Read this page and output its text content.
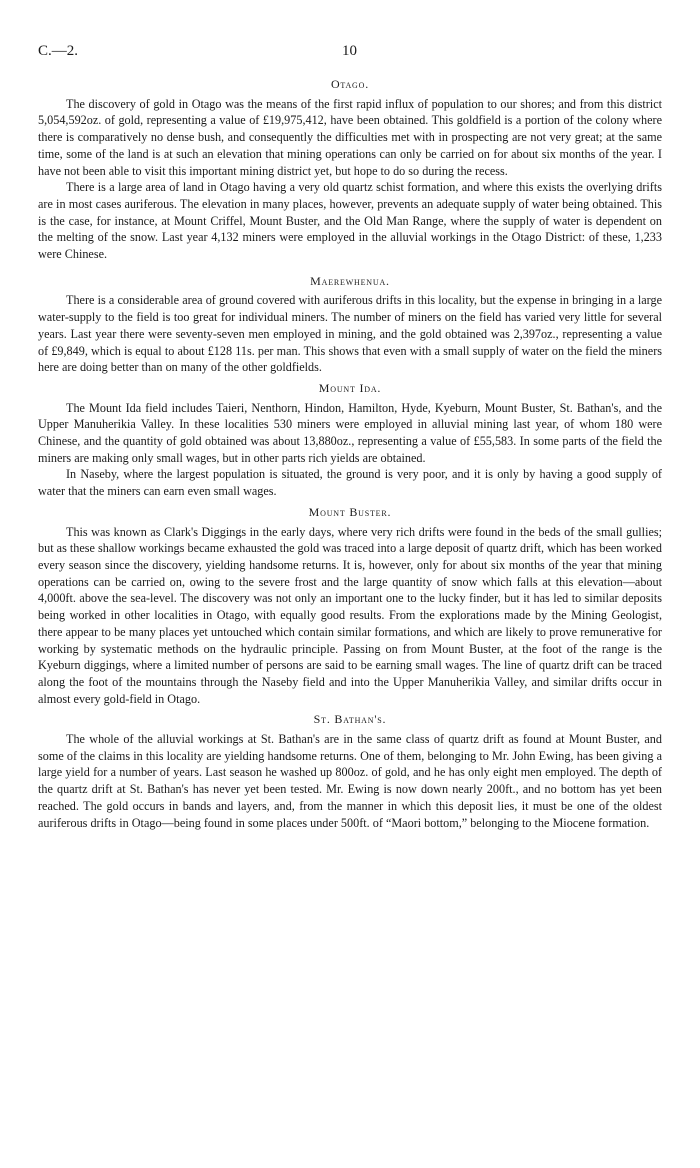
C.—2.	10
Otago.

The discovery of gold in Otago was the means of the first rapid influx of population to our shores; and from this district 5,054,592oz. of gold, representing a value of £19,975,412, have been obtained. This goldfield is a portion of the colony where there is comparatively no dense bush, and consequently the difficulties met with in prospecting are not very great; at the same time, some of the land is at such an elevation that mining operations can only be carried on for about six months of the year. I have not been able to visit this important mining district yet, but hope to do so during the recess.

There is a large area of land in Otago having a very old quartz schist formation, and where this exists the overlying drifts are in most cases auriferous. The elevation in many places, however, prevents an adequate supply of water being obtained. This is the case, for instance, at Mount Criffel, Mount Buster, and the Old Man Range, where the supply of water is dependent on the melting of the snow. Last year 4,132 miners were employed in the alluvial workings in the Otago District: of these, 1,233 were Chinese.

Maerewhenua.

There is a considerable area of ground covered with auriferous drifts in this locality, but the expense in bringing in a large water-supply to the field is too great for individual miners. The number of miners on the field has varied very little for several years. Last year there were seventy-seven men employed in mining, and the gold obtained was 2,397oz., representing a value of £9,849, which is equal to about £128 11s. per man. This shows that even with a small supply of water on the field the miners here are doing better than on many of the other goldfields.

Mount Ida.

The Mount Ida field includes Taieri, Nenthorn, Hindon, Hamilton, Hyde, Kyeburn, Mount Buster, St. Bathan's, and the Upper Manuherikia Valley. In these localities 530 miners were employed in alluvial mining last year, of whom 180 were Chinese, and the quantity of gold obtained was about 13,880oz., representing a value of £55,583. In some parts of the field the miners are making only small wages, but in other parts rich yields are obtained.

In Naseby, where the largest population is situated, the ground is very poor, and it is only by having a good supply of water that the miners can earn even small wages.

Mount Buster.

This was known as Clark's Diggings in the early days, where very rich drifts were found in the beds of the small gullies; but as these shallow workings became exhausted the gold was traced into a large deposit of quartz drift, which has been worked every season since the discovery, yielding handsome returns. It is, however, only for about six months of the year that mining operations can be carried on, owing to the severe frost and the large quantity of snow which falls at this elevation—about 4,000ft. above the sea-level. The discovery was not only an important one to the lucky finder, but it has led to similar deposits being worked in other localities in Otago, with equally good results. From the explorations made by the Mining Geologist, there appear to be many places yet untouched which contain similar formations, and which are likely to prove remunerative for working by systematic methods on the hydraulic principle. Passing on from Mount Buster, at the foot of the range is the Kyeburn diggings, where a limited number of persons are said to be earning small wages. The line of quartz drift can be traced along the foot of the mountains through the Naseby field and into the Upper Manuherikia Valley, and similar drifts occur in almost every gold-field in Otago.

St. Bathan's.

The whole of the alluvial workings at St. Bathan's are in the same class of quartz drift as found at Mount Buster, and some of the claims in this locality are yielding handsome returns. One of them, belonging to Mr. John Ewing, has been giving a large yield for a number of years. Last season he washed up 800oz. of gold, and he has only eight men employed. The depth of the quartz drift at St. Bathan's has never yet been tested. Mr. Ewing is now down nearly 200ft., and no bottom has yet been reached. The gold occurs in bands and layers, and, from the manner in which this deposit lies, it must be one of the oldest auriferous drifts in Otago—being found in some places under 500ft. of “Maori bottom,” belonging to the Miocene formation.
